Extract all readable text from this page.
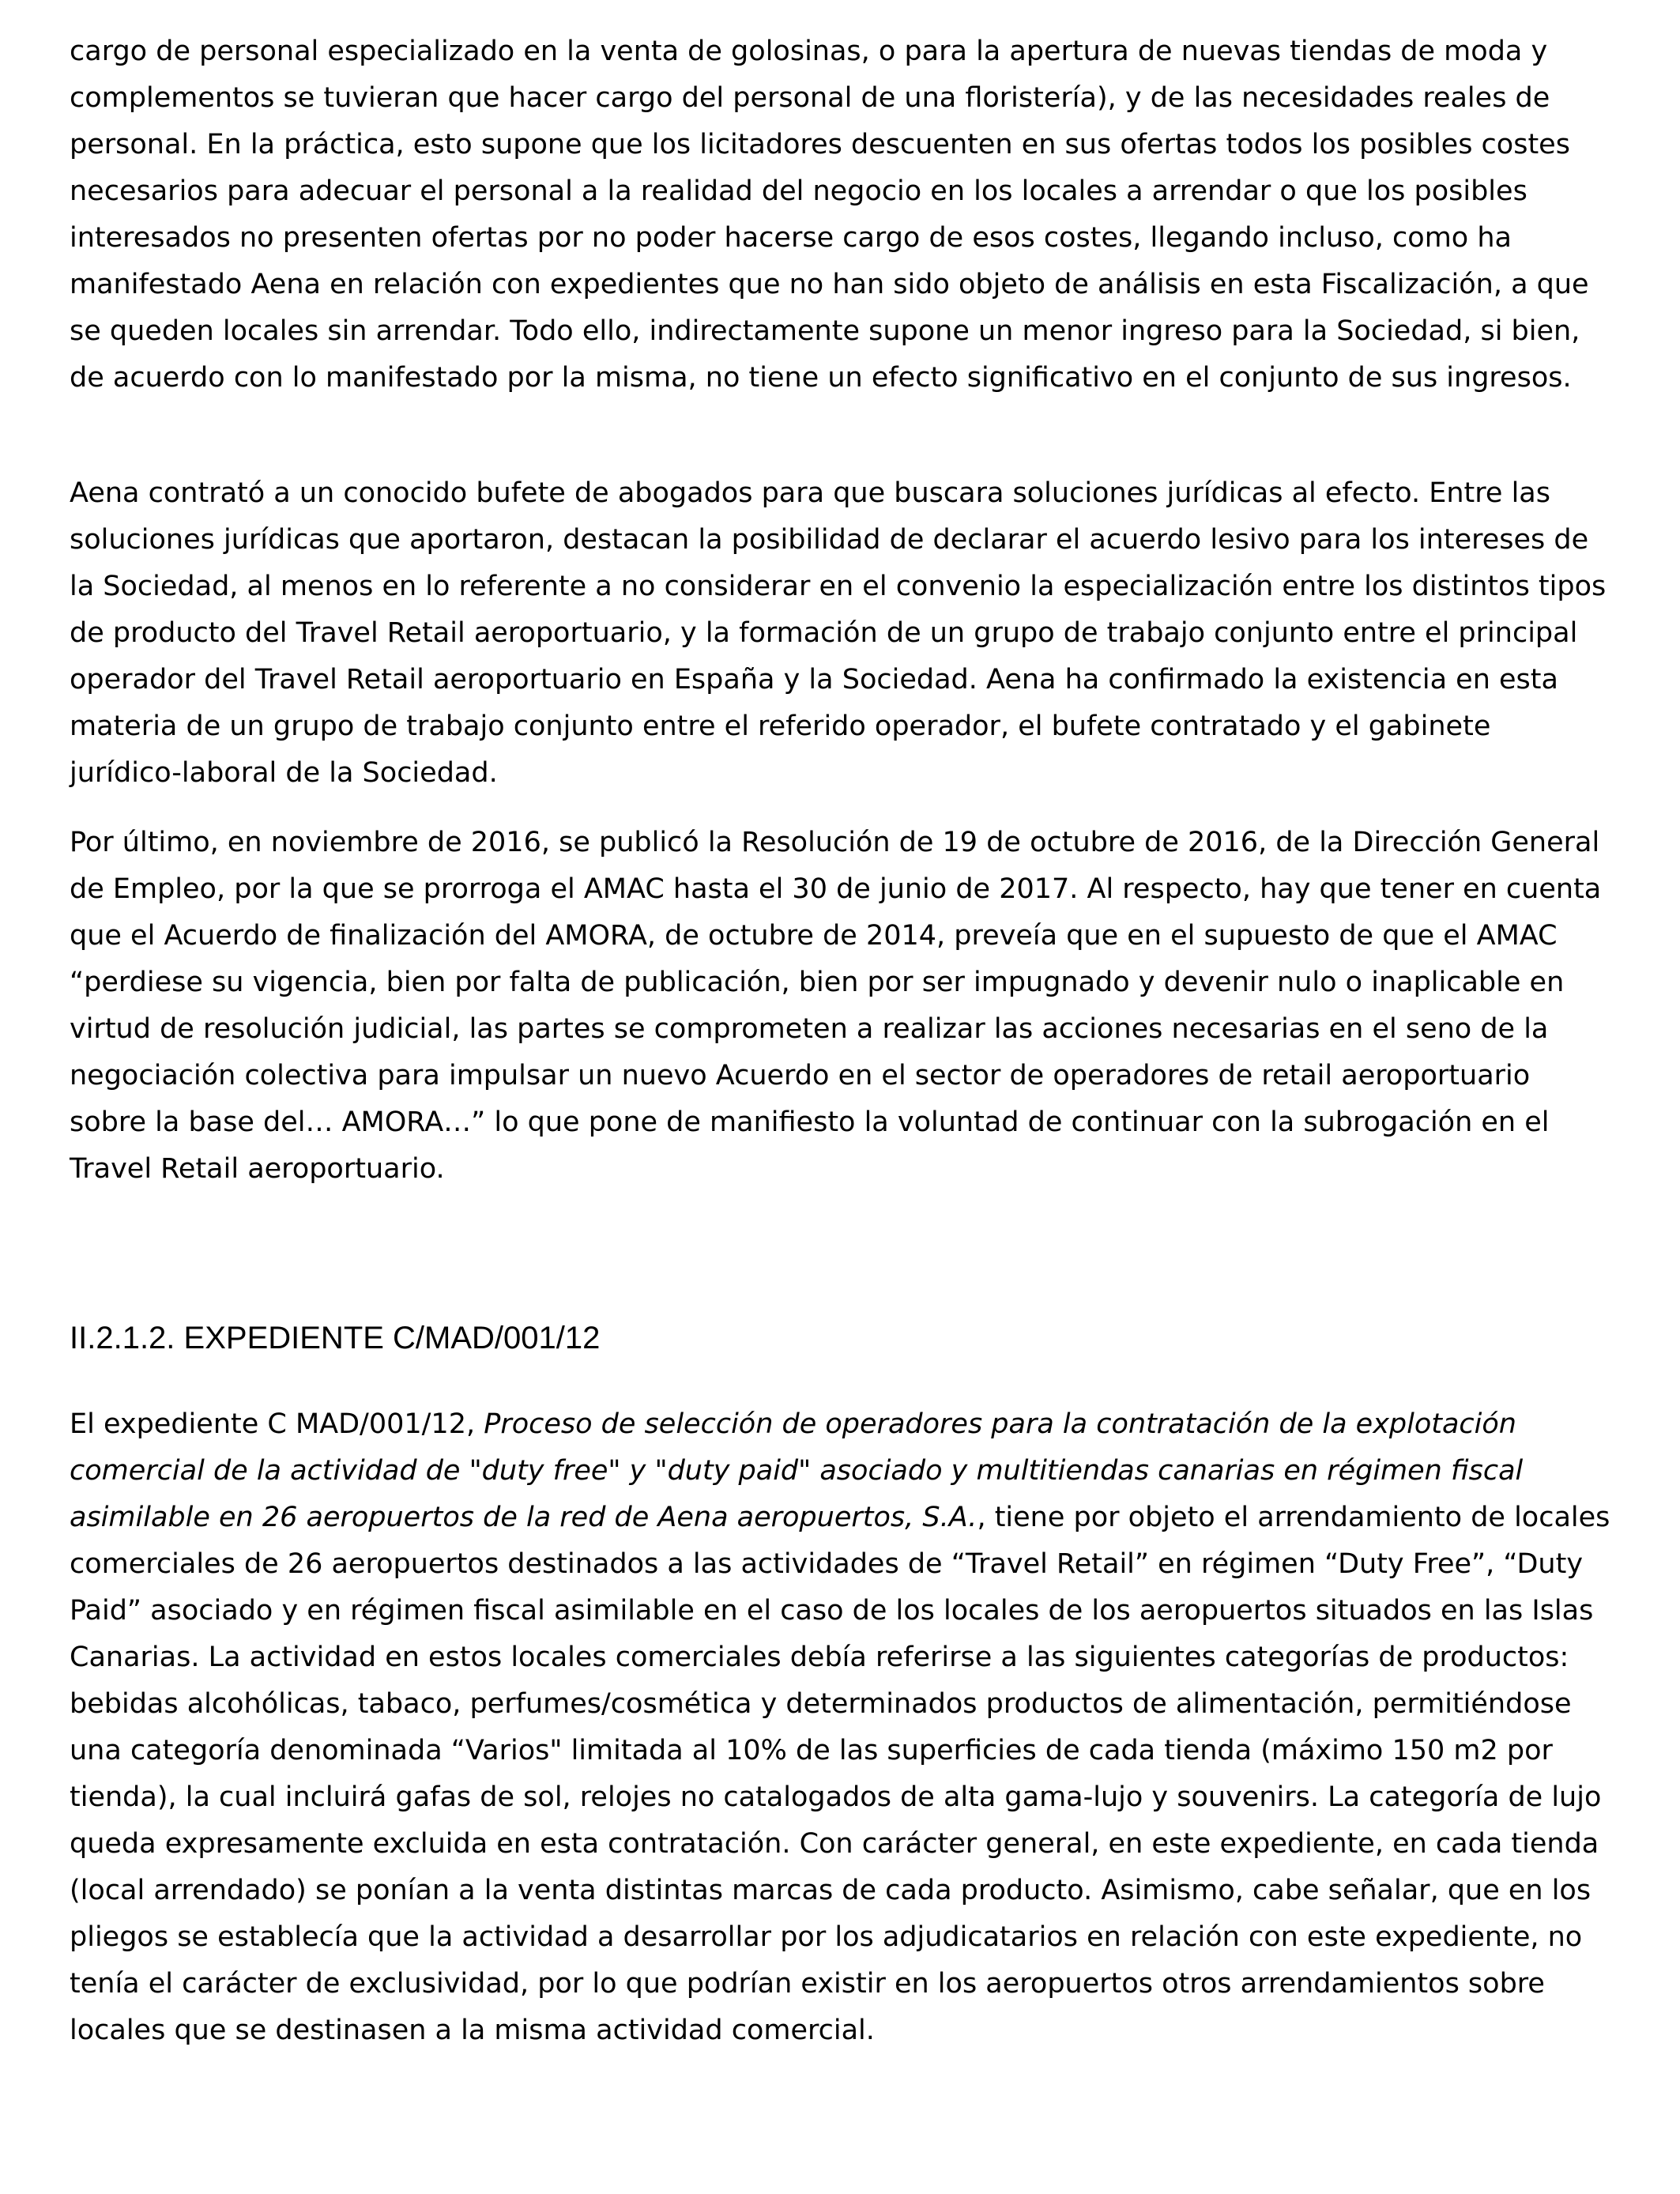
cargo de personal especializado en la venta de golosinas, o para la apertura de nuevas tiendas de moda y complementos se tuvieran que hacer cargo del personal de una floristería), y de las necesidades reales de personal. En la práctica, esto supone que los licitadores descuenten en sus ofertas todos los posibles costes necesarios para adecuar el personal a la realidad del negocio en los locales a arrendar o que los posibles interesados no presenten ofertas por no poder hacerse cargo de esos costes, llegando incluso, como ha manifestado Aena en relación con expedientes que no han sido objeto de análisis en esta Fiscalización, a que se queden locales sin arrendar. Todo ello, indirectamente supone un menor ingreso para la Sociedad, si bien, de acuerdo con lo manifestado por la misma, no tiene un efecto significativo en el conjunto de sus ingresos.

Aena contrató a un conocido bufete de abogados para que buscara soluciones jurídicas al efecto. Entre las soluciones jurídicas que aportaron, destacan la posibilidad de declarar el acuerdo lesivo para los intereses de la Sociedad, al menos en lo referente a no considerar en el convenio la especialización entre los distintos tipos de producto del Travel Retail aeroportuario, y la formación de un grupo de trabajo conjunto entre el principal operador del Travel Retail aeroportuario en España y la Sociedad. Aena ha confirmado la existencia en esta materia de un grupo de trabajo conjunto entre el referido operador, el bufete contratado y el gabinete jurídico-laboral de la Sociedad.

Por último, en noviembre de 2016, se publicó la Resolución de 19 de octubre de 2016, de la Dirección General de Empleo, por la que se prorroga el AMAC hasta el 30 de junio de 2017. Al respecto, hay que tener en cuenta que el Acuerdo de finalización del AMORA, de octubre de 2014, preveía que en el supuesto de que el AMAC “perdiese su vigencia, bien por falta de publicación, bien por ser impugnado y devenir nulo o inaplicable en virtud de resolución judicial, las partes se comprometen a realizar las acciones necesarias en el seno de la negociación colectiva para impulsar un nuevo Acuerdo en el sector de operadores de retail aeroportuario sobre la base del… AMORA…” lo que pone de manifiesto la voluntad de continuar con la subrogación en el Travel Retail aeroportuario.

II.2.1.2. EXPEDIENTE C/MAD/001/12

El expediente C MAD/001/12, Proceso de selección de operadores para la contratación de la explotación comercial de la actividad de "duty free" y "duty paid" asociado y multitiendas canarias en régimen fiscal asimilable en 26 aeropuertos de la red de Aena aeropuertos, S.A., tiene por objeto el arrendamiento de locales comerciales de 26 aeropuertos destinados a las actividades de “Travel Retail” en régimen “Duty Free”, “Duty Paid” asociado y en régimen fiscal asimilable en el caso de los locales de los aeropuertos situados en las Islas Canarias. La actividad en estos locales comerciales debía referirse a las siguientes categorías de productos: bebidas alcohólicas, tabaco, perfumes/cosmética y determinados productos de alimentación, permitiéndose una categoría denominada “Varios" limitada al 10% de las superficies de cada tienda (máximo 150 m2 por tienda), la cual incluirá gafas de sol, relojes no catalogados de alta gama-lujo y souvenirs. La categoría de lujo queda expresamente excluida en esta contratación. Con carácter general, en este expediente, en cada tienda (local arrendado) se ponían a la venta distintas marcas de cada producto. Asimismo, cabe señalar, que en los pliegos se establecía que la actividad a desarrollar por los adjudicatarios en relación con este expediente, no tenía el carácter de exclusividad, por lo que podrían existir en los aeropuertos otros arrendamientos sobre locales que se destinasen a la misma actividad comercial.
